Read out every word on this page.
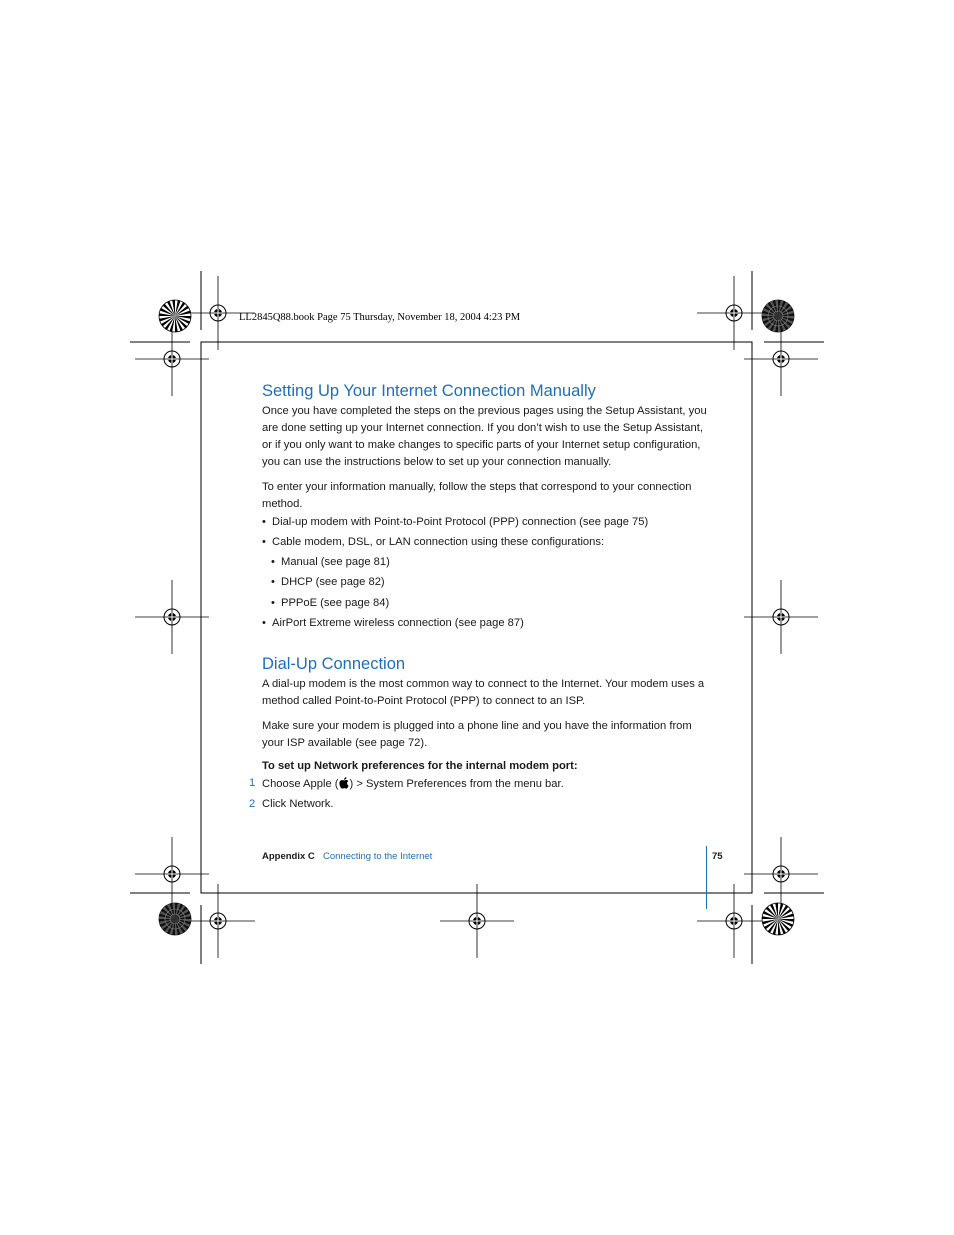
LL2845Q88.book Page 75 Thursday, November 18, 2004 4:23 PM
Setting Up Your Internet Connection Manually

Once you have completed the steps on the previous pages using the Setup Assistant, you are done setting up your Internet connection. If you don’t wish to use the Setup Assistant, or if you only want to make changes to specific parts of your Internet setup configuration, you can use the instructions below to set up your connection manually.

To enter your information manually, follow the steps that correspond to your connection method.

• Dial-up modem with Point-to-Point Protocol (PPP) connection (see page 75)
• Cable modem, DSL, or LAN connection using these configurations:
• Manual (see page 81)
• DHCP (see page 82)
• PPPoE (see page 84)
• AirPort Extreme wireless connection (see page 87)
Dial-Up Connection

A dial-up modem is the most common way to connect to the Internet. Your modem uses a method called Point-to-Point Protocol (PPP) to connect to an ISP.

Make sure your modem is plugged into a phone line and you have the information from your ISP available (see page 72).

To set up Network preferences for the internal modem port:
1 Choose Apple ( ) > System Preferences from the menu bar.
2 Click Network.
Appendix C Connecting to the Internet	75
